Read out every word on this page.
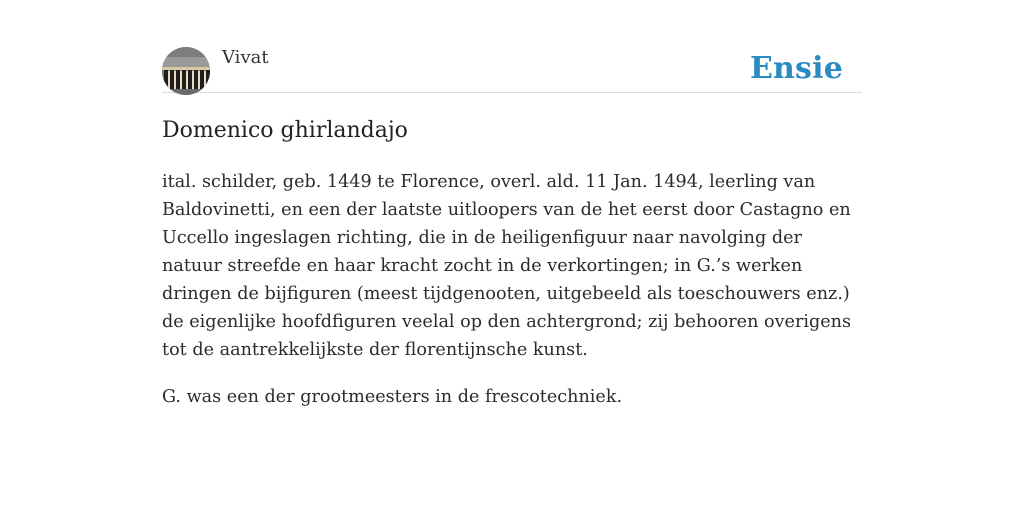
Vivat	Ensie
Domenico ghirlandajo

ital. schilder, geb. 1449 te Florence, overl. ald. 11 Jan. 1494, leerling van Baldovinetti, en een der laatste uitloopers van de het eerst door Castagno en Uccello ingeslagen richting, die in de heiligenfiguur naar navolging der natuur streefde en haar kracht zocht in de verkortingen; in G.’s werken dringen de bijfiguren (meest tijdgenooten, uitgebeeld als toeschouwers enz.) de eigenlijke hoofdfiguren veelal op den achtergrond; zij behooren overigens tot de aantrekkelijkste der florentijnsche kunst.

G. was een der grootmeesters in de frescotechniek.
